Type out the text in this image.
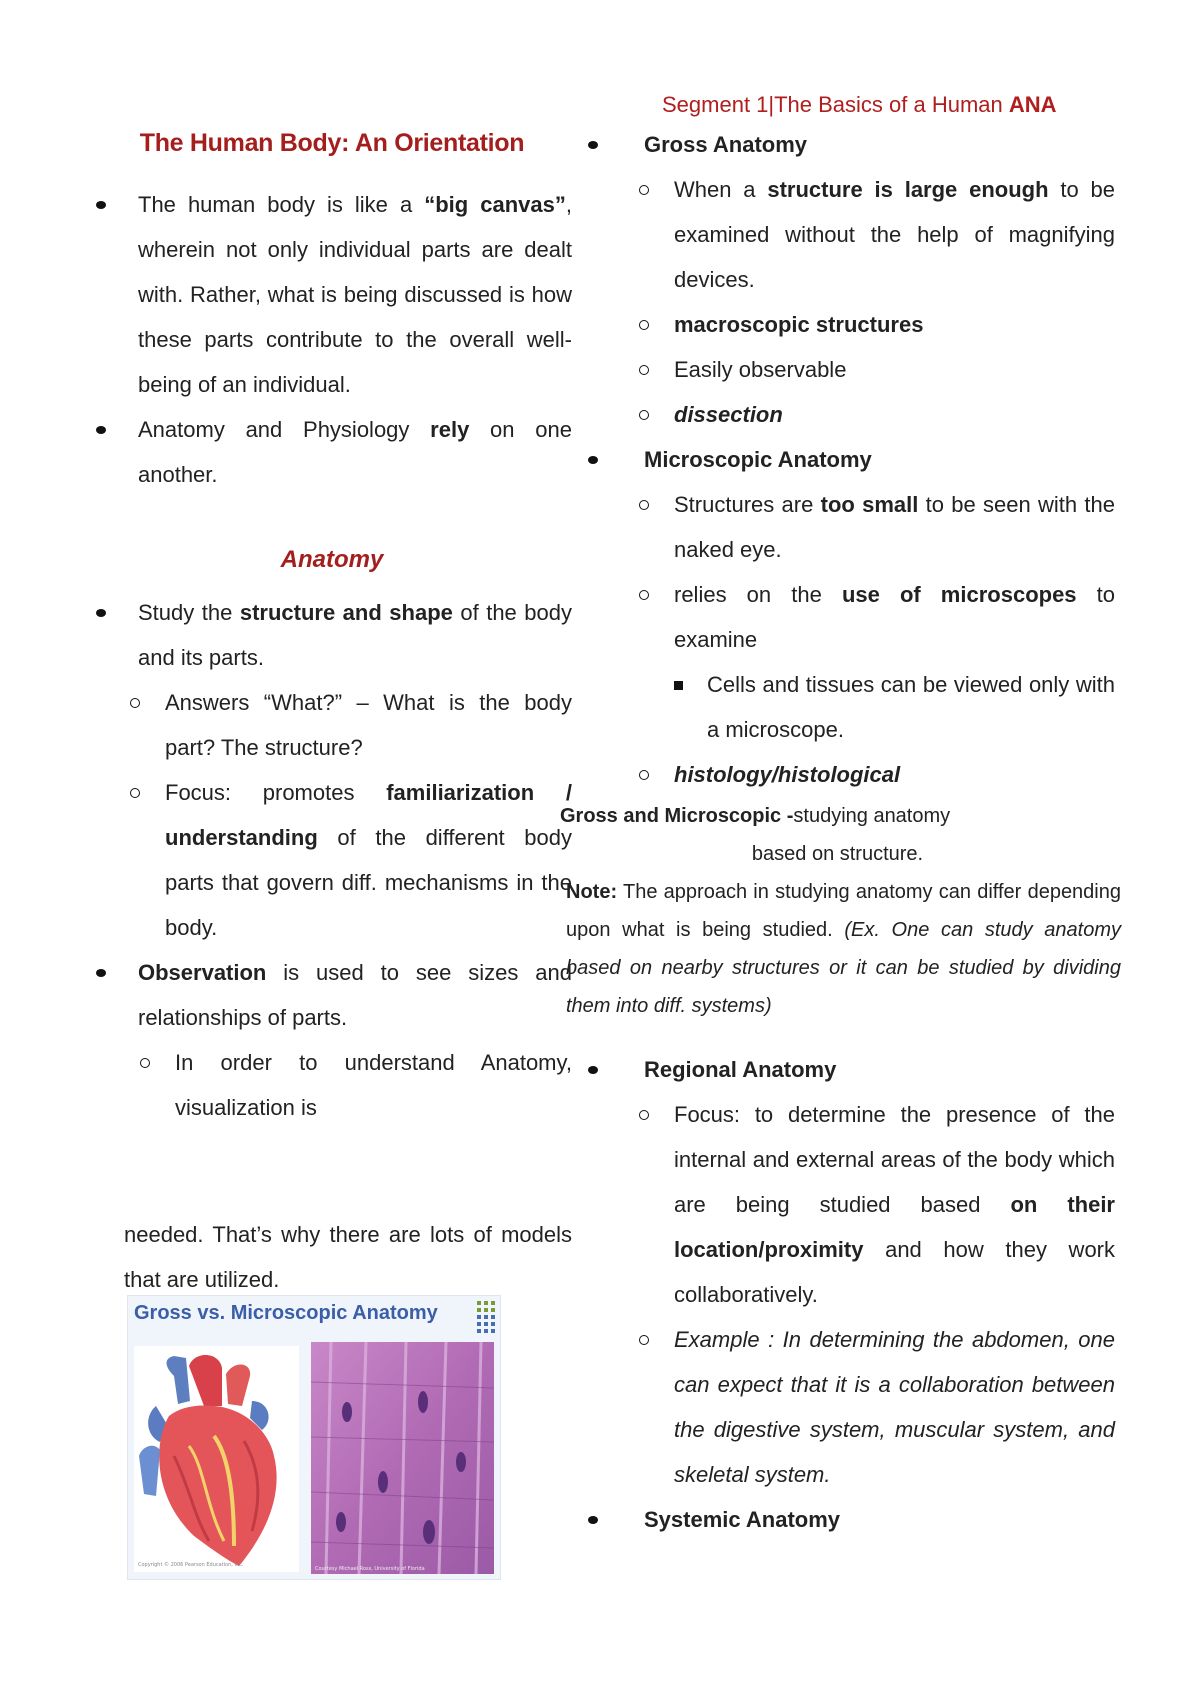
The Human Body: An Orientation
The human body is like a “big canvas”, wherein not only individual parts are dealt with. Rather, what is being discussed is how these parts contribute to the overall well-being of an individual.
Anatomy and Physiology rely on one another.
Anatomy
Study the structure and shape of the body and its parts.
Answers “What?” – What is the body part? The structure?
Focus: promotes familiarization / understanding of the different body parts that govern diff. mechanisms in the body.
Observation is used to see sizes and relationships of parts.
In order to understand Anatomy, visualization is
needed. That’s why there are lots of models that are utilized.
Gross vs. Microscopic Anatomy
Copyright © 2006 Pearson Education, Inc.
Courtesy Michael Ross, University of Florida
Segment 1|The Basics of a Human ANA
Gross Anatomy
When a structure is large enough to be examined without the help of magnifying devices.
macroscopic structures
Easily observable
dissection
Microscopic Anatomy
Structures are too small to be seen with the naked eye.
relies on the use of microscopes to examine
Cells and tissues can be viewed only with a microscope.
histology/histological
Gross and Microscopic -studying anatomy
based on structure.
Note: The approach in studying anatomy can differ depending upon what is being studied. (Ex. One can study anatomy based on nearby structures or it can be studied by dividing them into diff. systems)
Regional Anatomy
Focus: to determine the presence of the internal and external areas of the body which are being studied based on their location/proximity and how they work collaboratively.
Example : In determining the abdomen, one can expect that it is a collaboration between the digestive system, muscular system, and skeletal system.
Systemic Anatomy
